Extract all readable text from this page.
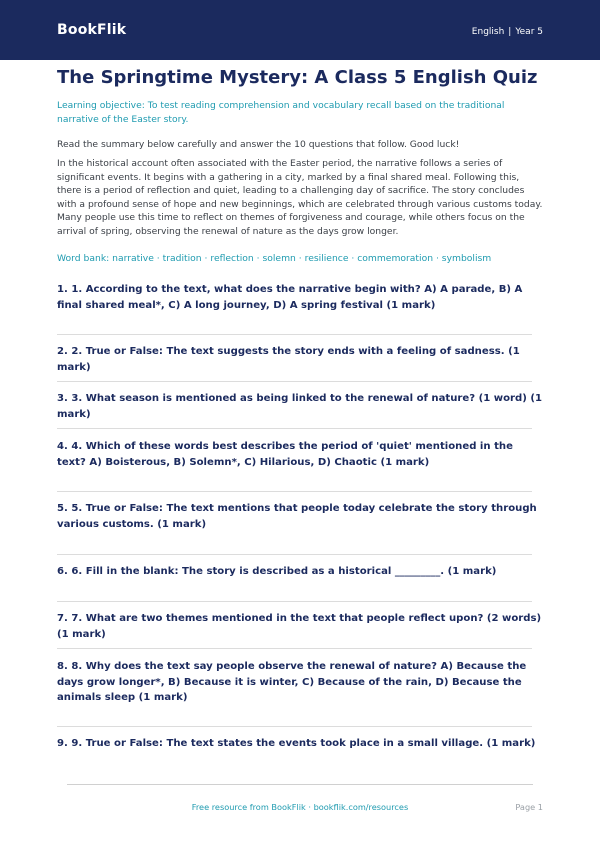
BookFlik	English | Year 5
The Springtime Mystery: A Class 5 English Quiz

Learning objective: To test reading comprehension and vocabulary recall based on the traditional narrative of the Easter story.

Read the summary below carefully and answer the 10 questions that follow. Good luck!

In the historical account often associated with the Easter period, the narrative follows a series of significant events. It begins with a gathering in a city, marked by a final shared meal. Following this, there is a period of reflection and quiet, leading to a challenging day of sacrifice. The story concludes with a profound sense of hope and new beginnings, which are celebrated through various customs today. Many people use this time to reflect on themes of forgiveness and courage, while others focus on the arrival of spring, observing the renewal of nature as the days grow longer.

Word bank: narrative · tradition · reflection · solemn · resilience · commemoration · symbolism

1. 1. According to the text, what does the narrative begin with? A) A parade, B) A final shared meal*, C) A long journey, D) A spring festival (1 mark)
2. 2. True or False: The text suggests the story ends with a feeling of sadness. (1 mark)
3. 3. What season is mentioned as being linked to the renewal of nature? (1 word) (1 mark)
4. 4. Which of these words best describes the period of 'quiet' mentioned in the text? A) Boisterous, B) Solemn*, C) Hilarious, D) Chaotic (1 mark)
5. 5. True or False: The text mentions that people today celebrate the story through various customs. (1 mark)
6. 6. Fill in the blank: The story is described as a historical _________. (1 mark)
7. 7. What are two themes mentioned in the text that people reflect upon? (2 words) (1 mark)
8. 8. Why does the text say people observe the renewal of nature? A) Because the days grow longer*, B) Because it is winter, C) Because of the rain, D) Because the animals sleep (1 mark)
9. 9. True or False: The text states the events took place in a small village. (1 mark)
Free resource from BookFlik · bookflik.com/resources	Page 1
